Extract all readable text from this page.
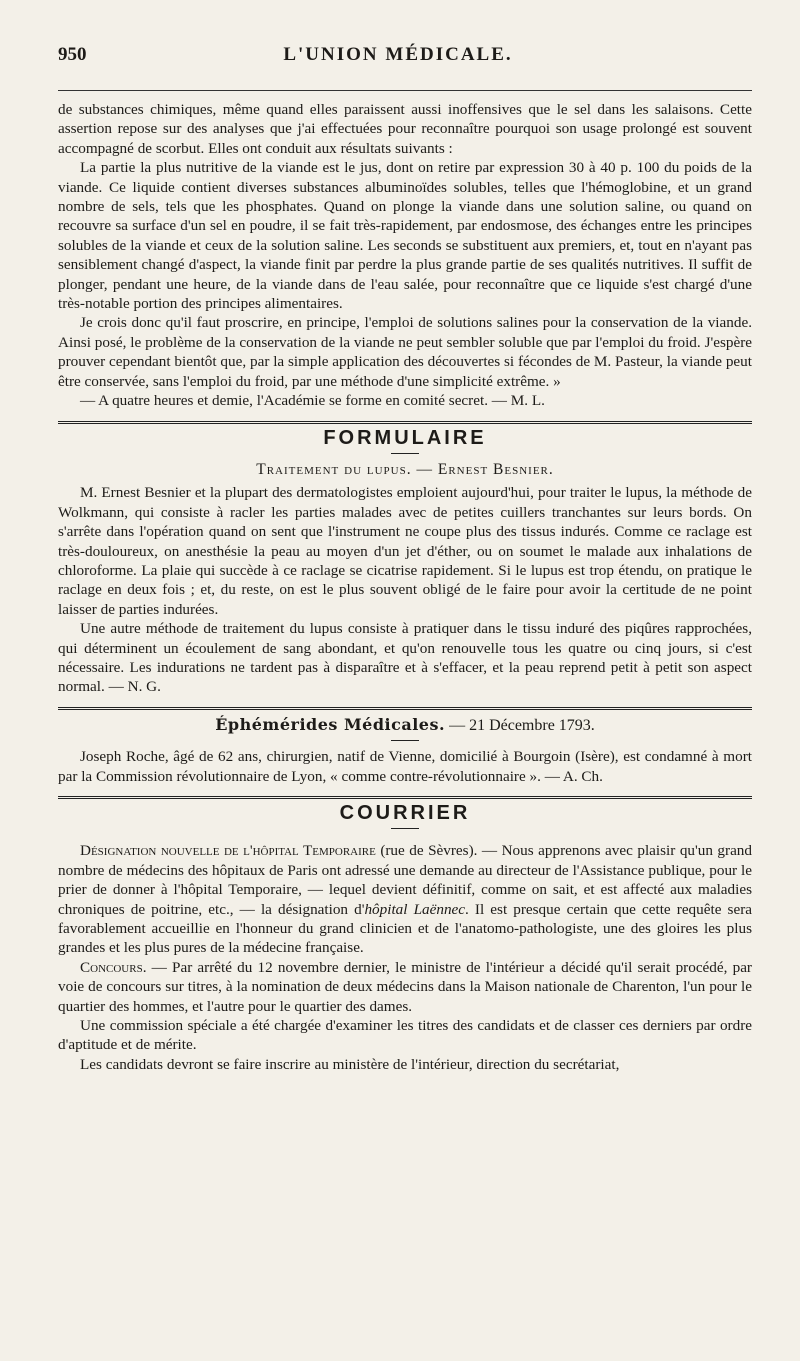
L'UNION MÉDICALE.
950

de substances chimiques, même quand elles paraissent aussi inoffensives que le sel dans les salaisons. Cette assertion repose sur des analyses que j'ai effectuées pour reconnaître pourquoi son usage prolongé est souvent accompagné de scorbut. Elles ont conduit aux résultats suivants :

La partie la plus nutritive de la viande est le jus, dont on retire par expression 30 à 40 p. 100 du poids de la viande. Ce liquide contient diverses substances albuminoïdes solubles, telles que l'hémoglobine, et un grand nombre de sels, tels que les phosphates. Quand on plonge la viande dans une solution saline, ou quand on recouvre sa surface d'un sel en poudre, il se fait très-rapidement, par endosmose, des échanges entre les principes solubles de la viande et ceux de la solution saline. Les seconds se substituent aux premiers, et, tout en n'ayant pas sensiblement changé d'aspect, la viande finit par perdre la plus grande partie de ses qualités nutritives. Il suffit de plonger, pendant une heure, de la viande dans de l'eau salée, pour reconnaître que ce liquide s'est chargé d'une très-notable portion des principes alimentaires.

Je crois donc qu'il faut proscrire, en principe, l'emploi de solutions salines pour la conservation de la viande. Ainsi posé, le problème de la conservation de la viande ne peut sembler soluble que par l'emploi du froid. J'espère prouver cependant bientôt que, par la simple application des découvertes si fécondes de M. Pasteur, la viande peut être conservée, sans l'emploi du froid, par une méthode d'une simplicité extrême. »

— A quatre heures et demie, l'Académie se forme en comité secret. — M. L.

FORMULAIRE
Traitement du lupus. — Ernest Besnier.

M. Ernest Besnier et la plupart des dermatologistes emploient aujourd'hui, pour traiter le lupus, la méthode de Wolkmann, qui consiste à racler les parties malades avec de petites cuillers tranchantes sur leurs bords. On s'arrête dans l'opération quand on sent que l'instrument ne coupe plus des tissus indurés. Comme ce raclage est très-douloureux, on anesthésie la peau au moyen d'un jet d'éther, ou on soumet le malade aux inhalations de chloroforme. La plaie qui succède à ce raclage se cicatrise rapidement. Si le lupus est trop étendu, on pratique le raclage en deux fois ; et, du reste, on est le plus souvent obligé de le faire pour avoir la certitude de ne point laisser de parties indurées.

Une autre méthode de traitement du lupus consiste à pratiquer dans le tissu induré des piqûres rapprochées, qui déterminent un écoulement de sang abondant, et qu'on renouvelle tous les quatre ou cinq jours, si c'est nécessaire. Les indurations ne tardent pas à disparaître et à s'effacer, et la peau reprend petit à petit son aspect normal. — N. G.

Éphémérides Médicales. — 21 Décembre 1793.

Joseph Roche, âgé de 62 ans, chirurgien, natif de Vienne, domicilié à Bourgoin (Isère), est condamné à mort par la Commission révolutionnaire de Lyon, « comme contre-révolutionnaire ». — A. Ch.

COURRIER

Désignation nouvelle de l'hôpital Temporaire (rue de Sèvres). — Nous apprenons avec plaisir qu'un grand nombre de médecins des hôpitaux de Paris ont adressé une demande au directeur de l'Assistance publique, pour le prier de donner à l'hôpital Temporaire, — lequel devient définitif, comme on sait, et est affecté aux maladies chroniques de poitrine, etc., — la désignation d'hôpital Laënnec. Il est presque certain que cette requête sera favorablement accueillie en l'honneur du grand clinicien et de l'anatomo-pathologiste, une des gloires les plus grandes et les plus pures de la médecine française.

Concours. — Par arrêté du 12 novembre dernier, le ministre de l'intérieur a décidé qu'il serait procédé, par voie de concours sur titres, à la nomination de deux médecins dans la Maison nationale de Charenton, l'un pour le quartier des hommes, et l'autre pour le quartier des dames.

Une commission spéciale a été chargée d'examiner les titres des candidats et de classer ces derniers par ordre d'aptitude et de mérite.

Les candidats devront se faire inscrire au ministère de l'intérieur, direction du secrétariat,
